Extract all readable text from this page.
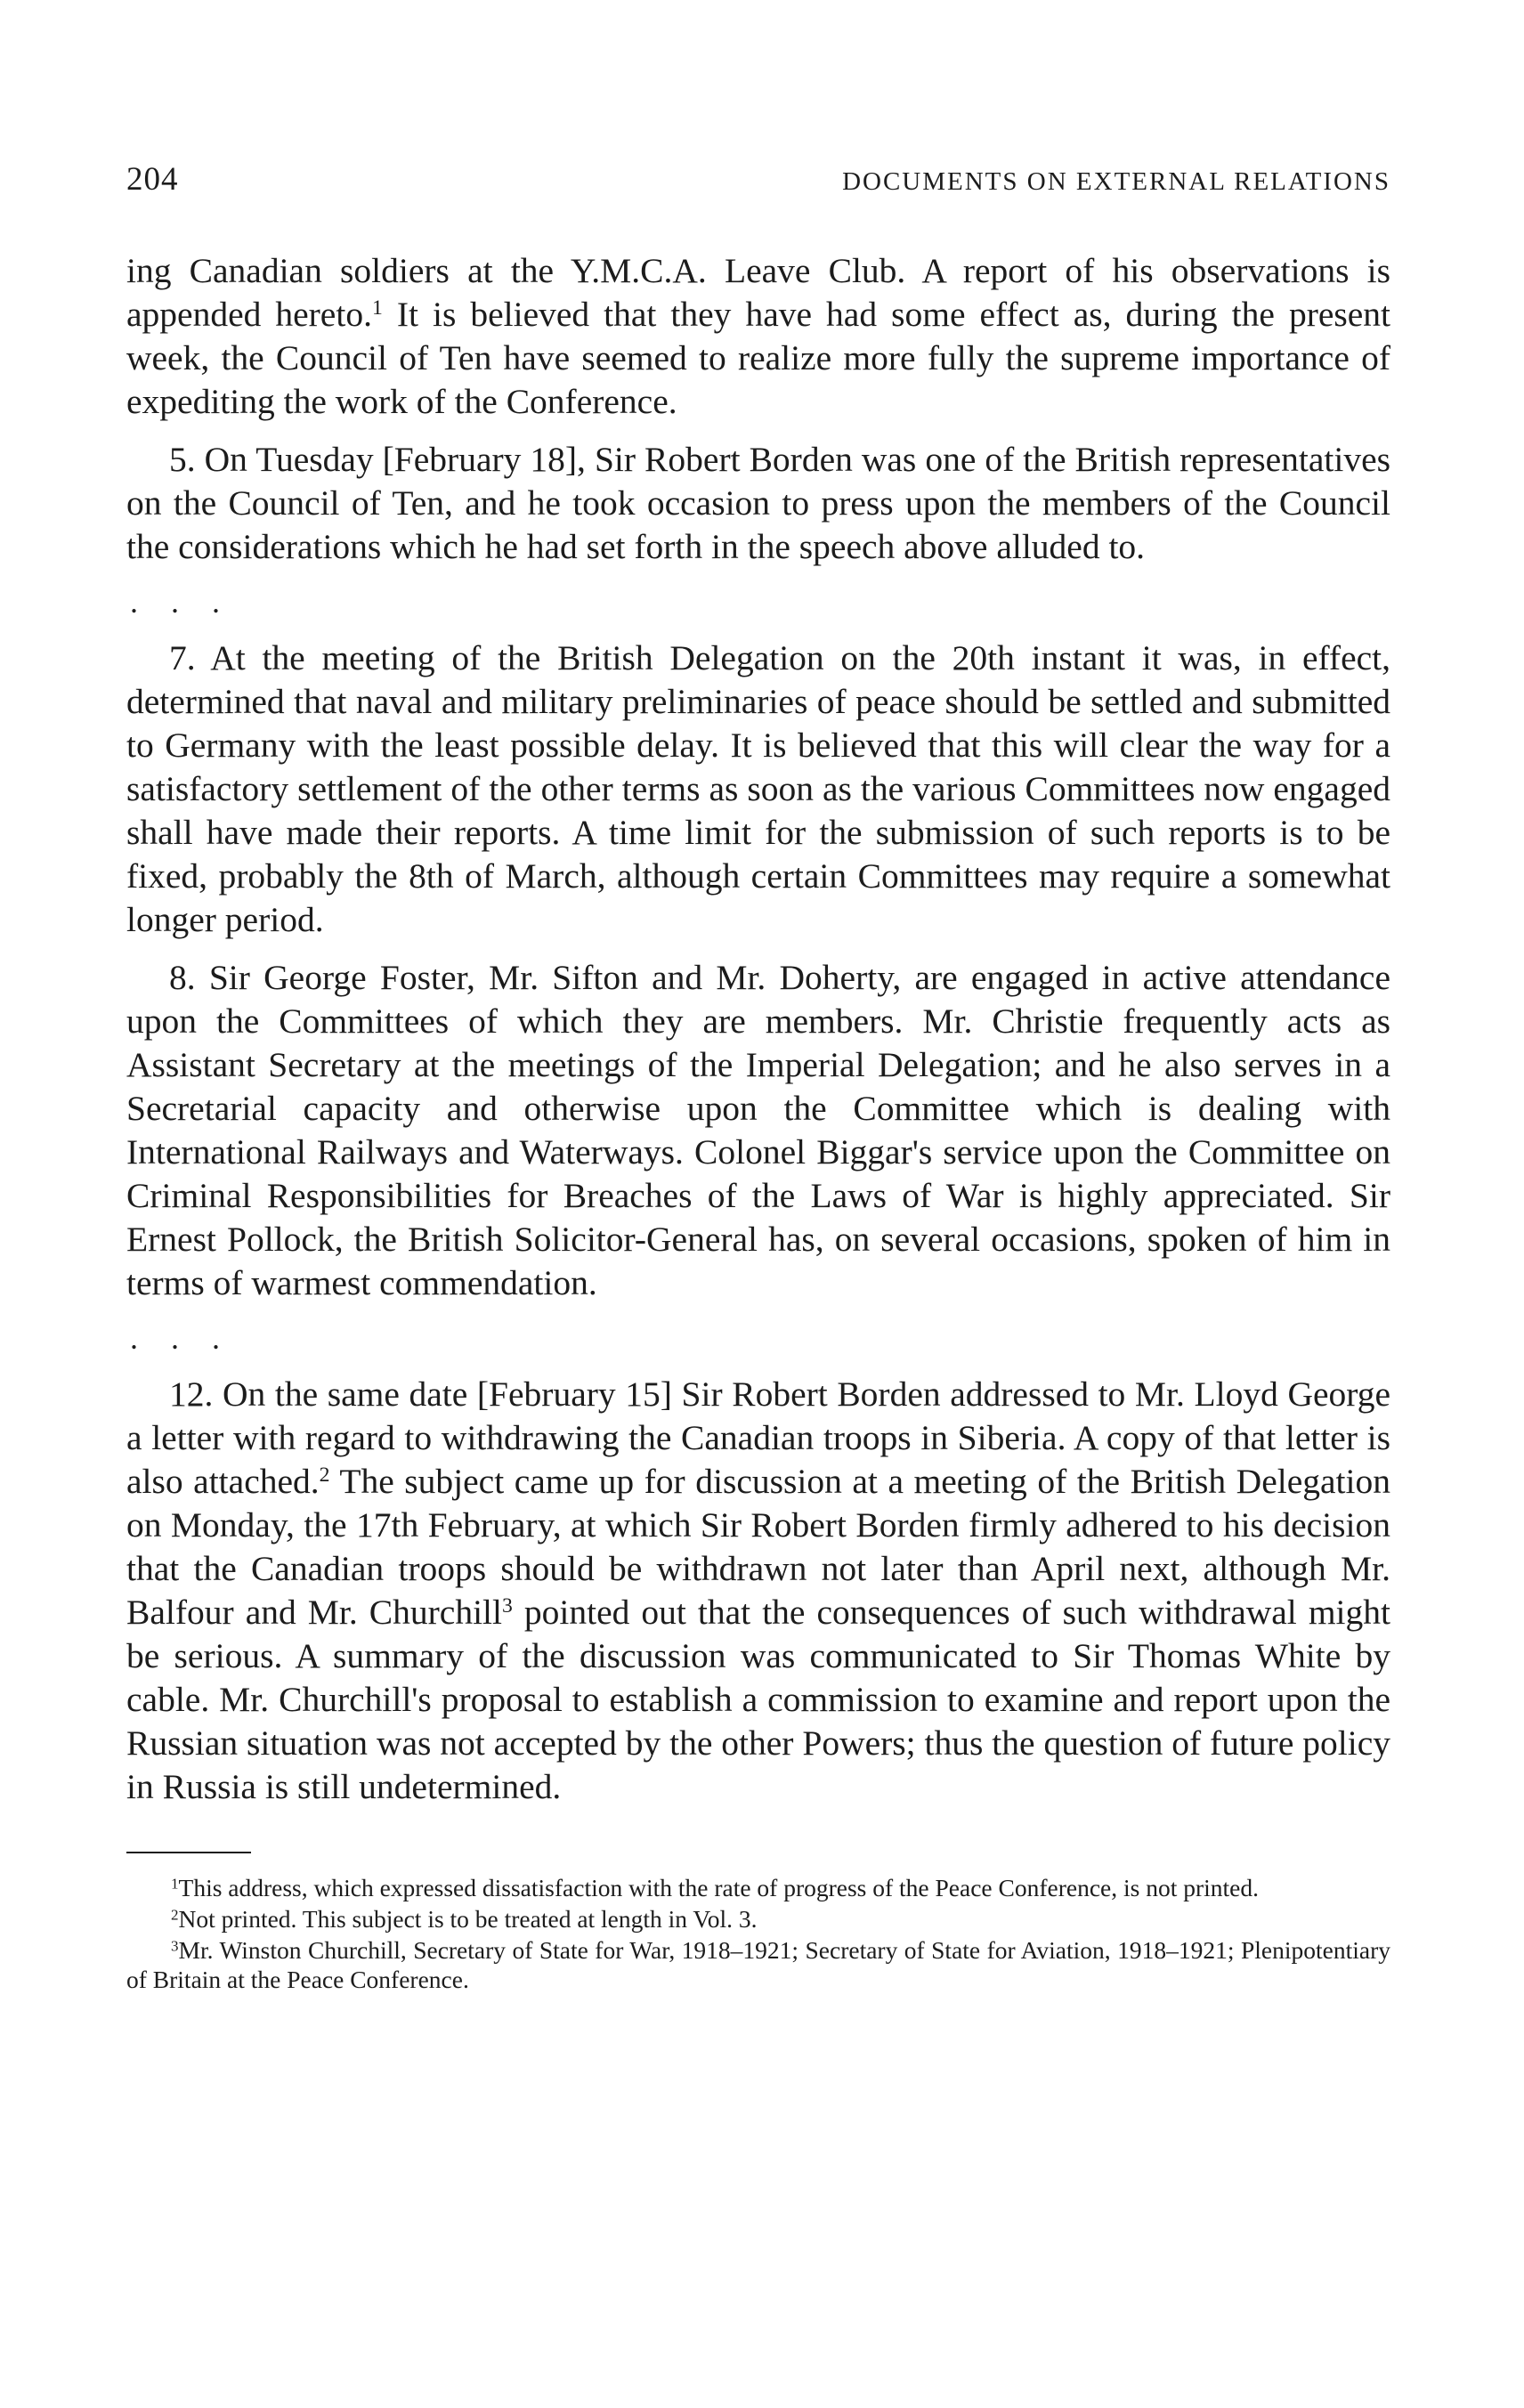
204	DOCUMENTS ON EXTERNAL RELATIONS

ing Canadian soldiers at the Y.M.C.A. Leave Club. A report of his observations is appended hereto.$^1$ It is believed that they have had some effect as, during the present week, the Council of Ten have seemed to realize more fully the supreme importance of expediting the work of the Conference.

5. On Tuesday [February 18], Sir Robert Borden was one of the British representatives on the Council of Ten, and he took occasion to press upon the members of the Council the considerations which he had set forth in the speech above alluded to.

. . .

7. At the meeting of the British Delegation on the 20th instant it was, in effect, determined that naval and military preliminaries of peace should be settled and submitted to Germany with the least possible delay. It is believed that this will clear the way for a satisfactory settlement of the other terms as soon as the various Committees now engaged shall have made their reports. A time limit for the submission of such reports is to be fixed, probably the 8th of March, although certain Committees may require a somewhat longer period.

8. Sir George Foster, Mr. Sifton and Mr. Doherty, are engaged in active attendance upon the Committees of which they are members. Mr. Christie frequently acts as Assistant Secretary at the meetings of the Imperial Delegation; and he also serves in a Secretarial capacity and otherwise upon the Committee which is dealing with International Railways and Waterways. Colonel Biggar's service upon the Committee on Criminal Responsibilities for Breaches of the Laws of War is highly appreciated. Sir Ernest Pollock, the British Solicitor-General has, on several occasions, spoken of him in terms of warmest commendation.

. . .

12. On the same date [February 15] Sir Robert Borden addressed to Mr. Lloyd George a letter with regard to withdrawing the Canadian troops in Siberia. A copy of that letter is also attached.$^2$ The subject came up for discussion at a meeting of the British Delegation on Monday, the 17th February, at which Sir Robert Borden firmly adhered to his decision that the Canadian troops should be withdrawn not later than April next, although Mr. Balfour and Mr. Churchill$^3$ pointed out that the consequences of such withdrawal might be serious. A summary of the discussion was communicated to Sir Thomas White by cable. Mr. Churchill's proposal to establish a commission to examine and report upon the Russian situation was not accepted by the other Powers; thus the question of future policy in Russia is still undetermined.

$^1$This address, which expressed dissatisfaction with the rate of progress of the Peace Conference, is not printed.

$^2$Not printed. This subject is to be treated at length in Vol. 3.

$^3$Mr. Winston Churchill, Secretary of State for War, 1918–1921; Secretary of State for Aviation, 1918–1921; Plenipotentiary of Britain at the Peace Conference.
